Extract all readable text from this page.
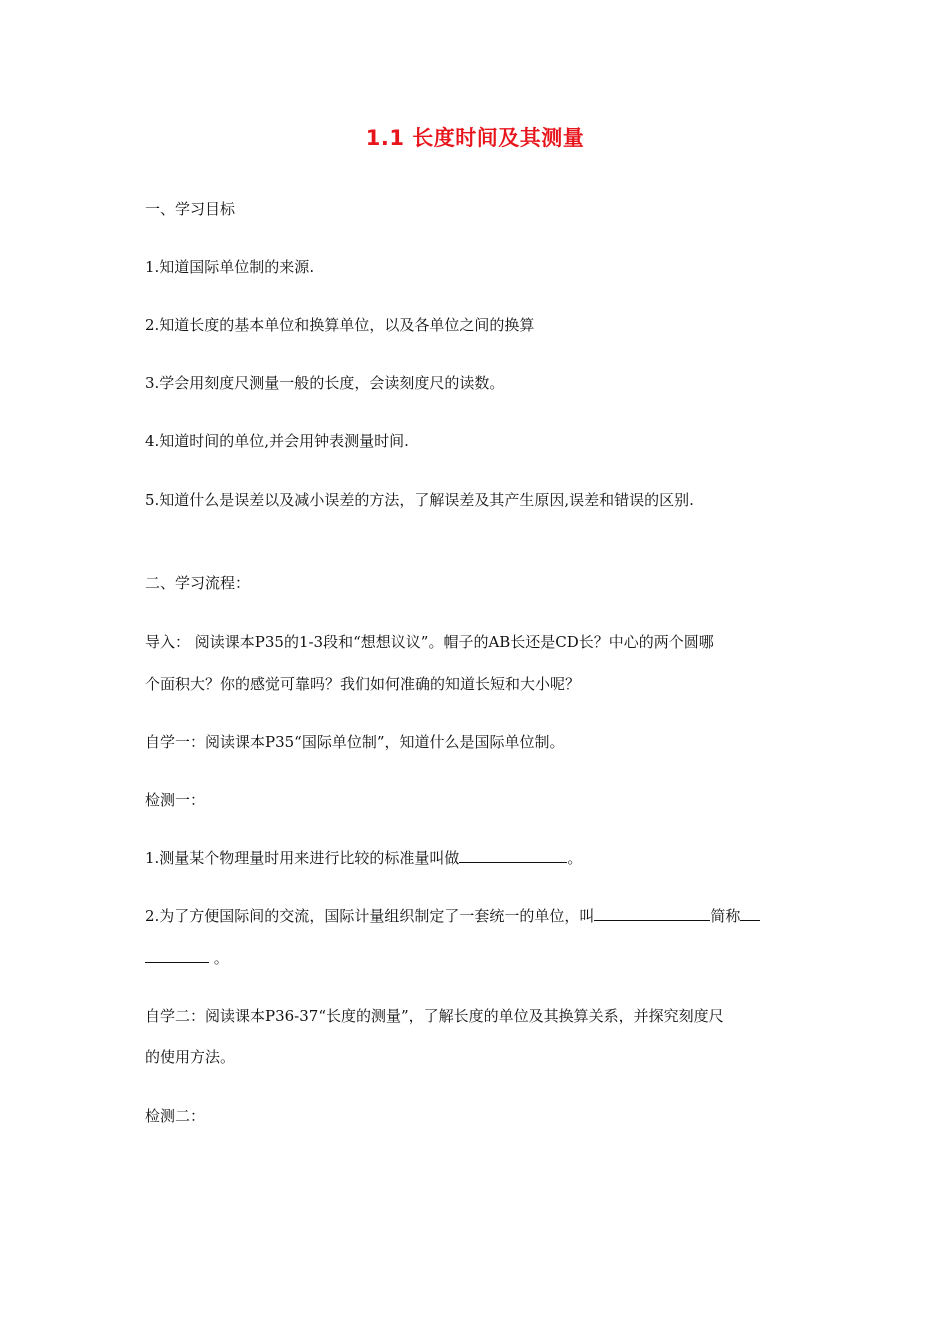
1.1 长度时间及其测量
一、学习目标
1.知道国际单位制的来源.
2.知道长度的基本单位和换算单位，以及各单位之间的换算
3.学会用刻度尺测量一般的长度，会读刻度尺的读数。
4.知道时间的单位,并会用钟表测量时间.
5.知道什么是误差以及减小误差的方法，了解误差及其产生原因,误差和错误的区别.
二、学习流程：
导入： 阅读课本P35的1-3段和“想想议议”。帽子的AB长还是CD长？中心的两个圆哪
个面积大？你的感觉可靠吗？我们如何准确的知道长短和大小呢？
自学一：阅读课本P35“国际单位制”，知道什么是国际单位制。
检测一：
1.测量某个物理量时用来进行比较的标准量叫做	。
2.为了方便国际间的交流，国际计量组织制定了一套统一的单位，叫	简称
。
自学二：阅读课本P36-37“长度的测量”，了解长度的单位及其换算关系，并探究刻度尺
的使用方法。
检测二：
